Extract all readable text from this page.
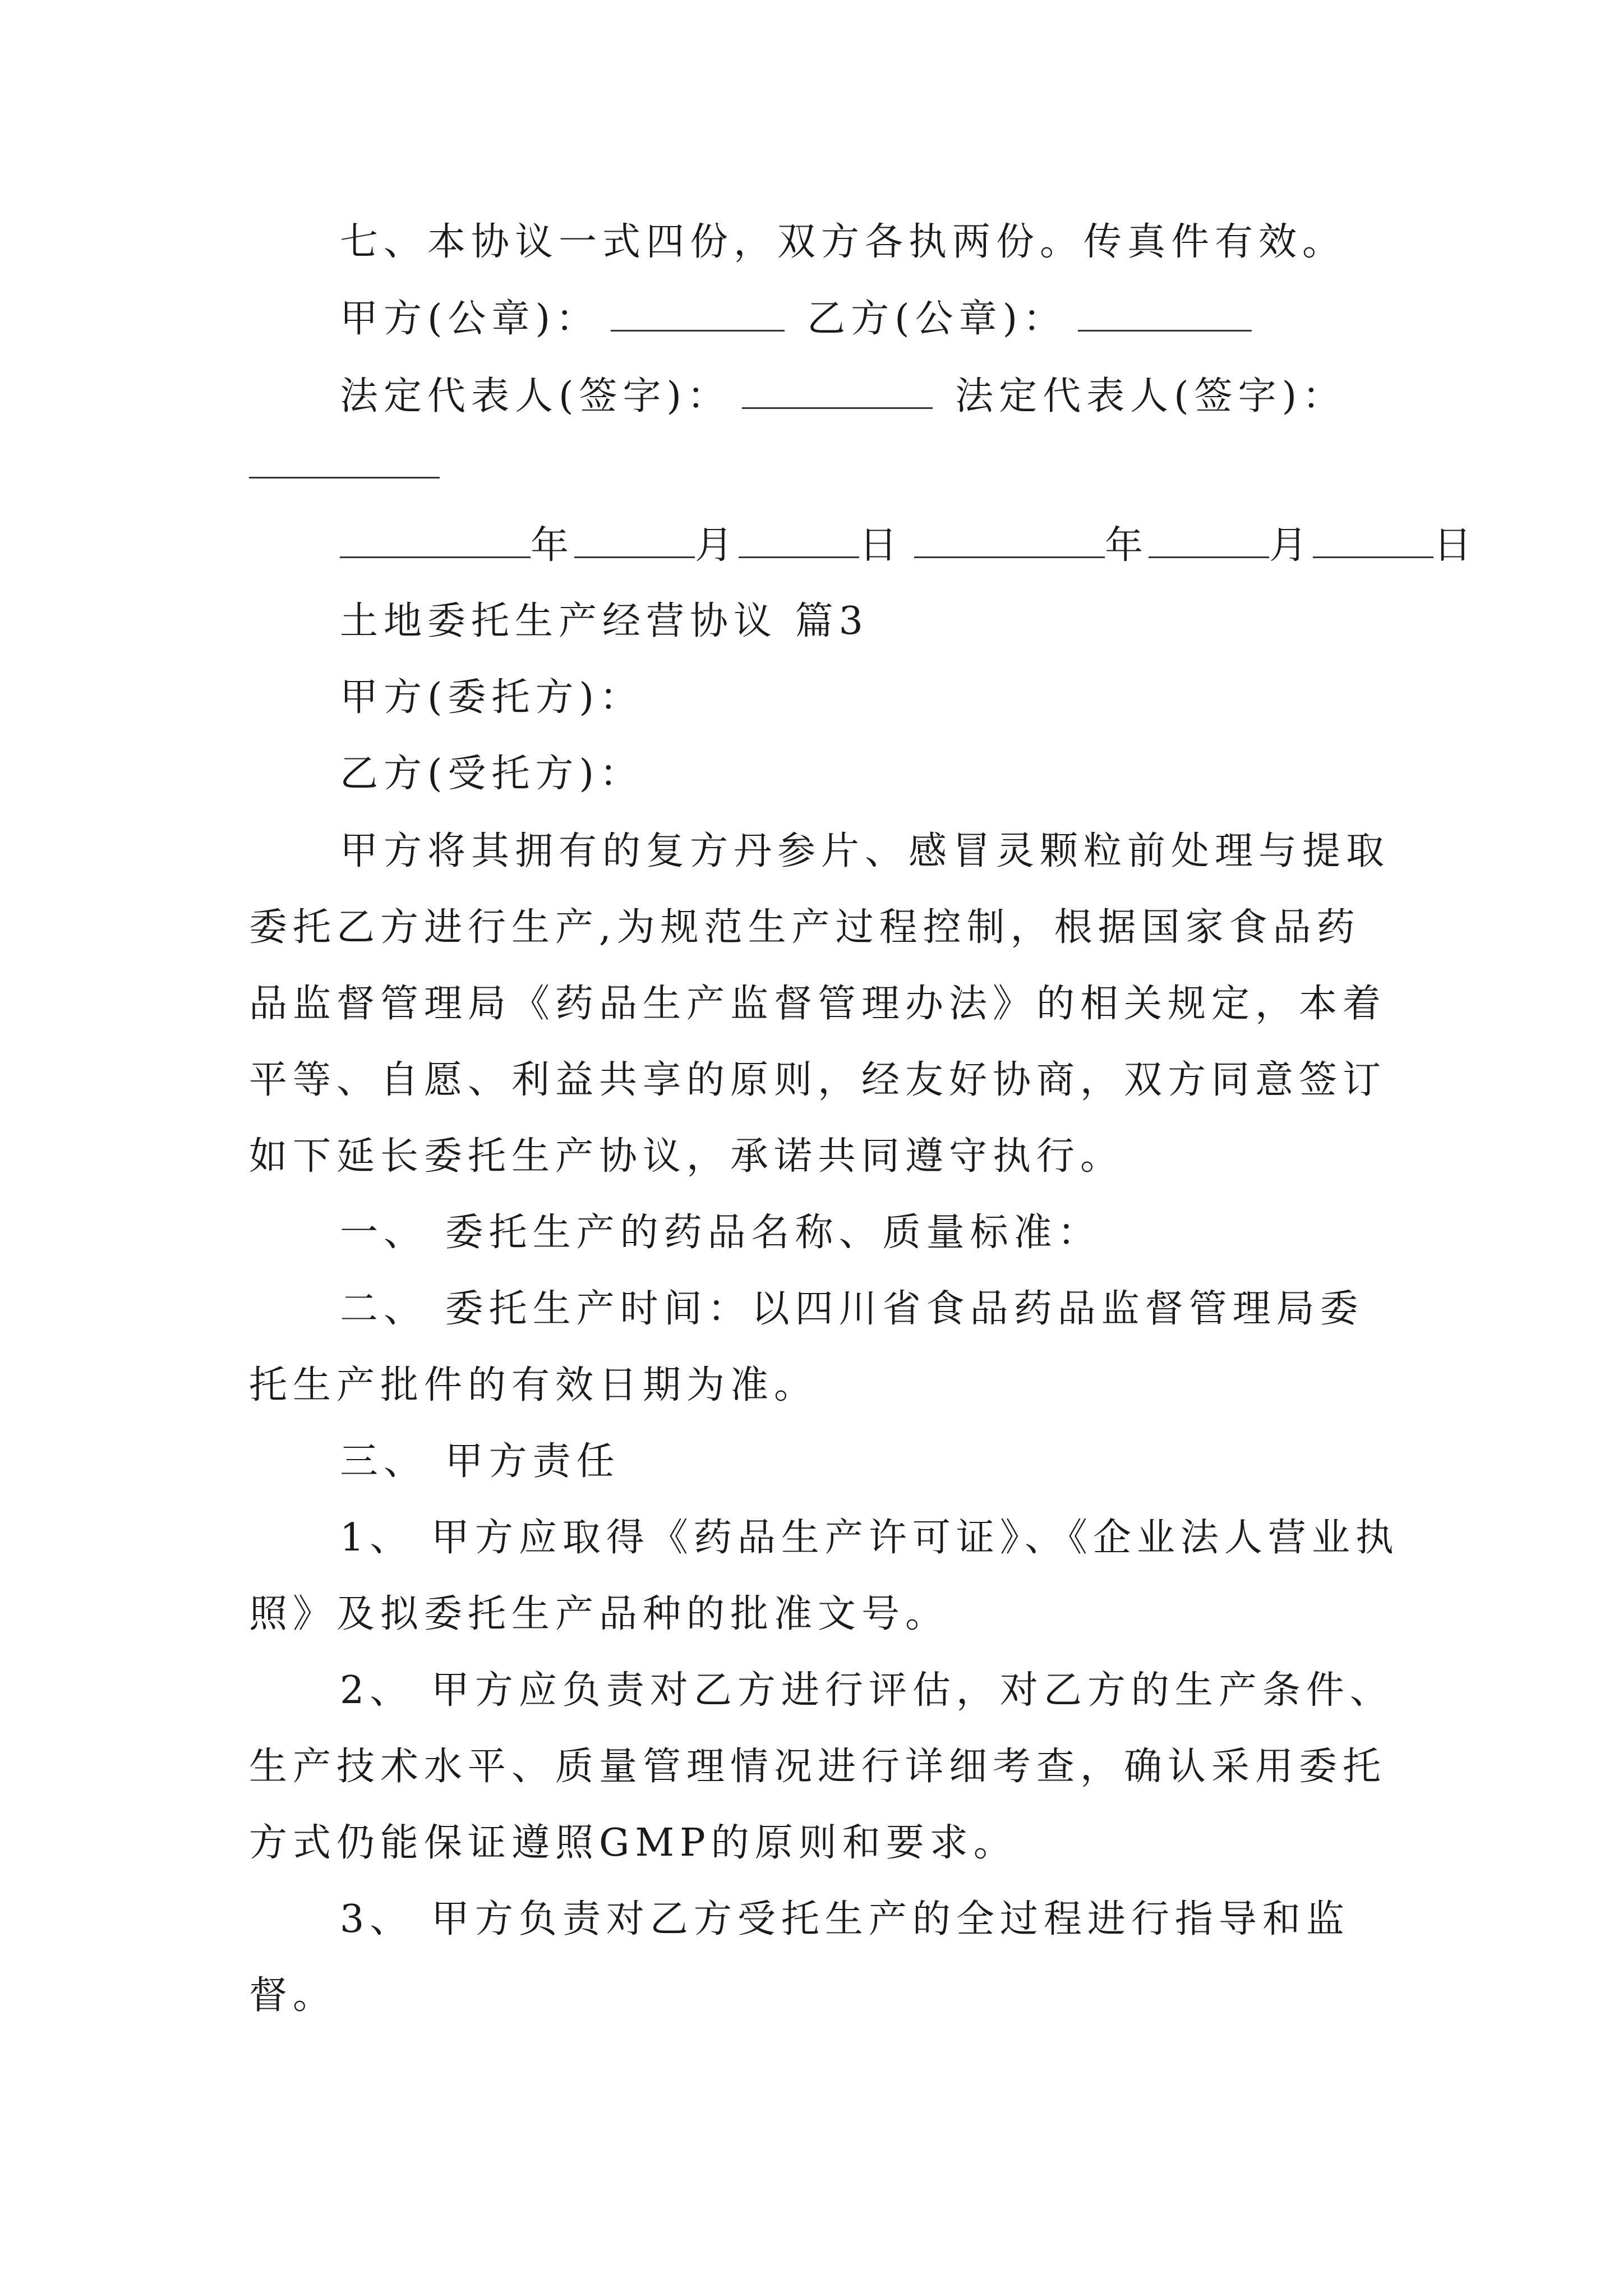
七、本协议一式四份，双方各执两份。传真件有效。
甲方(公章)：	乙方(公章)：
法定代表人(签字)：	法定代表人(签字)：
年	月	日	年	月	日
土地委托生产经营协议 篇3
甲方(委托方)：
乙方(受托方)：
甲方将其拥有的复方丹参片、感冒灵颗粒前处理与提取
委托乙方进行生产,为规范生产过程控制，根据国家食品药
品监督管理局《药品生产监督管理办法》的相关规定，本着
平等、自愿、利益共享的原则，经友好协商，双方同意签订
如下延长委托生产协议，承诺共同遵守执行。
一、 委托生产的药品名称、质量标准：
二、 委托生产时间：以四川省食品药品监督管理局委
托生产批件的有效日期为准。
三、 甲方责任
1、 甲方应取得《药品生产许可证》、《企业法人营业执
照》及拟委托生产品种的批准文号。
2、 甲方应负责对乙方进行评估，对乙方的生产条件、
生产技术水平、质量管理情况进行详细考查，确认采用委托
方式仍能保证遵照GMP的原则和要求。
3、 甲方负责对乙方受托生产的全过程进行指导和监
督。
